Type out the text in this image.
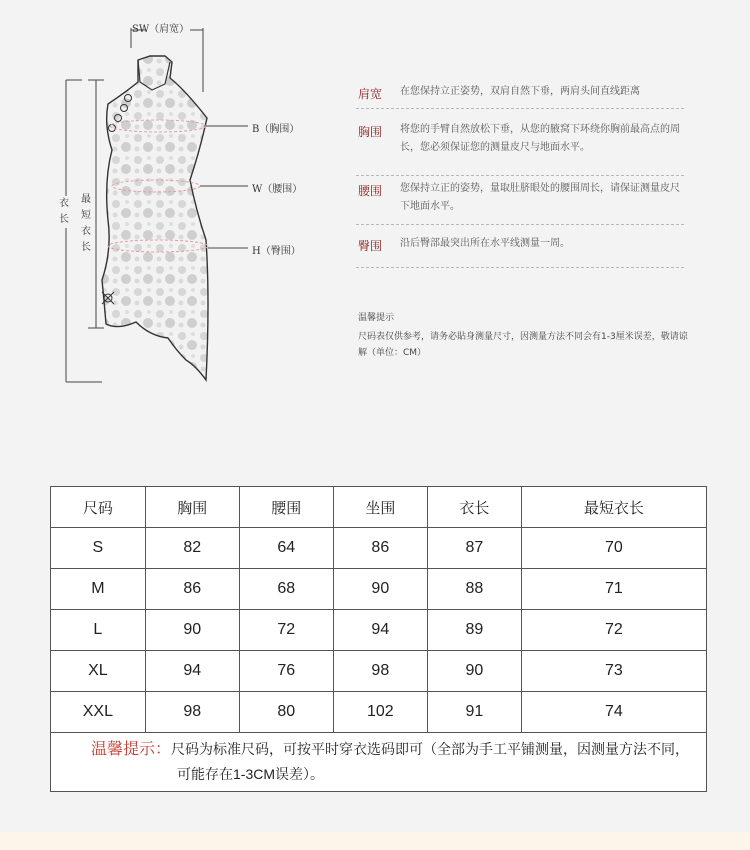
SW（肩宽）
B（胸围）
W（腰围）
H（臀围）
衣长
最短衣长
肩宽 在您保持立正姿势，双肩自然下垂，两肩头间直线距离
胸围 将您的手臂自然放松下垂，从您的腋窝下环绕你胸前最高点的周长，您必须保证您的测量皮尺与地面水平。
腰围 您保持立正的姿势，量取肚脐眼处的腰围周长，请保证测量皮尺下地面水平。
臀围 沿后臀部最突出所在水平线测量一周。
温馨提示
尺码表仅供参考，请务必貼身测量尺寸，因测量方法不同会有1-3厘米误差，敬请谅解（单位：CM）
尺码	胸围	腰围	坐围	衣长	最短衣长
S	82	64	86	87	70
M	86	68	90	88	71
L	90	72	94	89	72
XL	94	76	98	90	73
XXL	98	80	102	91	74
温馨提示：尺码为标准尺码，可按平时穿衣选码即可（全部为手工平铺测量，因测量方法不同，
可能存在1-3CM误差）。					
